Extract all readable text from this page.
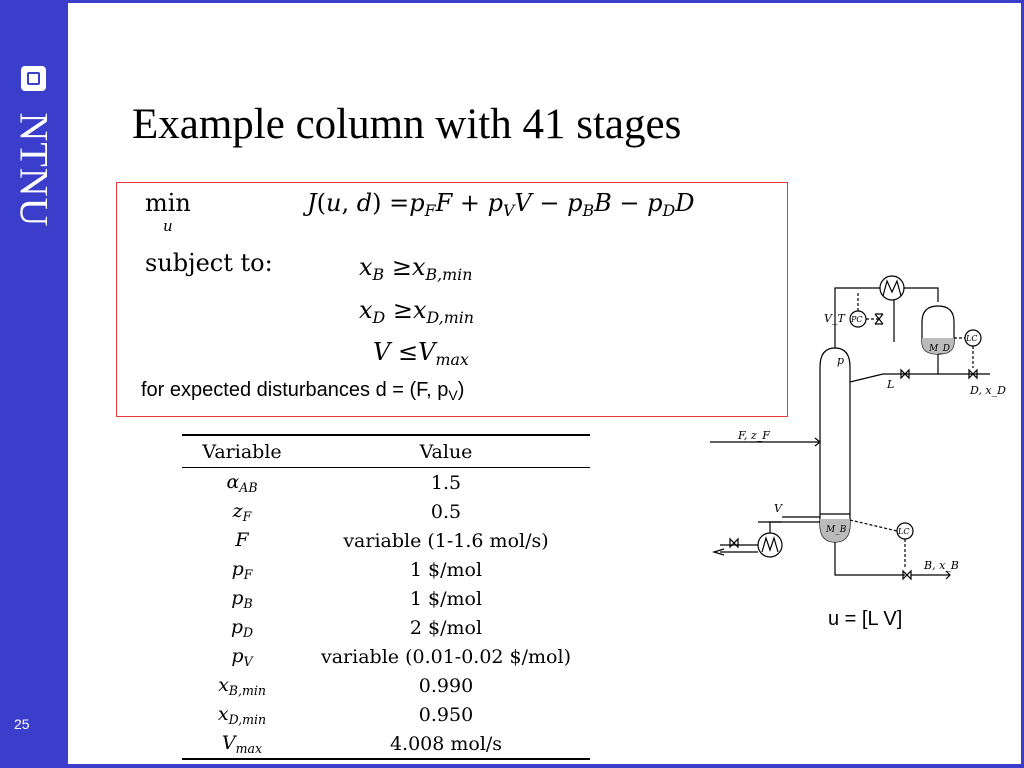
NTNU
25
Example column with 41 stages
min
u
J(u, $d) =p_FF + p_VV - p_BB - p_DD$
subject to:	$x_B \ge x_{B,min}$
$x_D \ge x_{D,min}$
$V \le V_{max}$
for expected disturbances d = (F, $p_V$)
Variable	Value
$\alpha_{AB}$	1.5
$z_F$	0.5
F	variable (1-1.6 mol/s)
$p_F$	1 $/mol
$p_B$	1 $/mol
$p_D$	2 $/mol
$p_V$	variable (0.01-0.02 $/mol)
$x_{B,min}$	0.990
$x_{D,min}$	0.950
$V_{max}$	4.008 mol/s
V_T PC
LC
M_D
p
L	D, x_D
F, z_F
V
M_B	LC
B, x_B
u = [L V]
